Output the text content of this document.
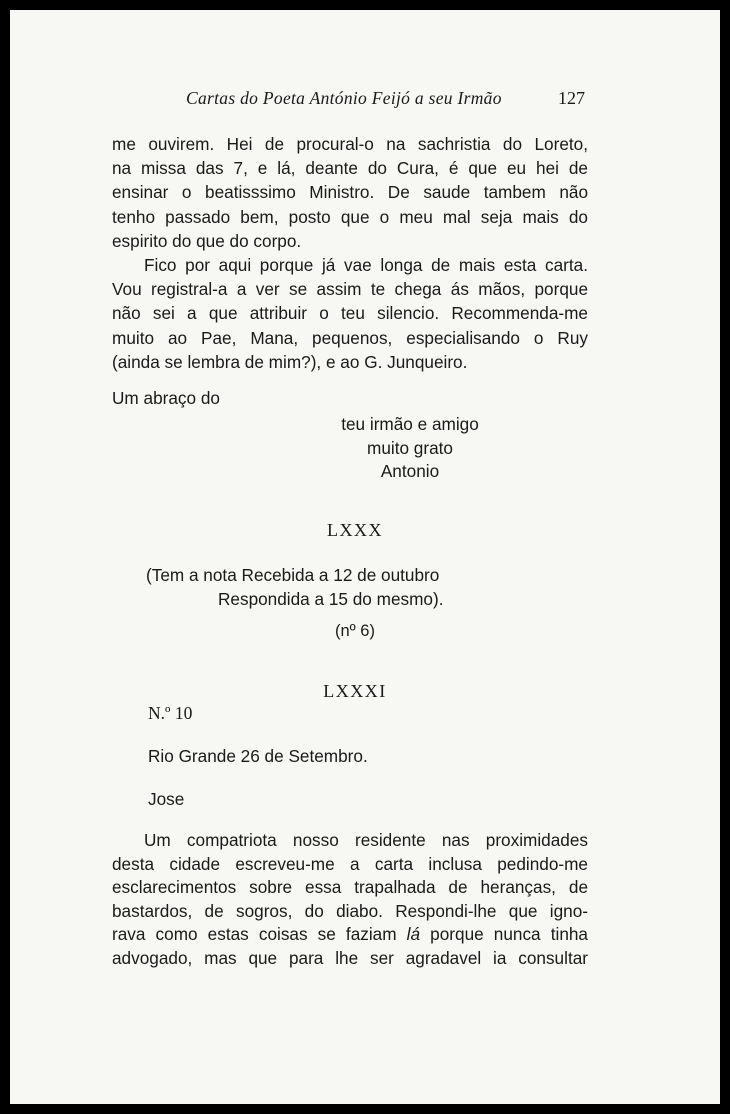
Cartas do Poeta António Feijó a seu Irmão	127

me ouvirem. Hei de procural-o na sachristia do Loreto,

na missa das 7, e lá, deante do Cura, é que eu hei de

ensinar o beatisssimo Ministro. De saude tambem não

tenho passado bem, posto que o meu mal seja mais do

espirito do que do corpo.

Fico por aqui porque já vae longa de mais esta carta.

Vou registral-a a ver se assim te chega ás mãos, porque

não sei a que attribuir o teu silencio. Recommenda-me

muito ao Pae, Mana, pequenos, especialisando o Ruy

(ainda se lembra de mim?), e ao G. Junqueiro.

Um abraço do
teu irmão e amigo
muito grato
Antonio
LXXX
(Tem a nota Recebida a 12 de outubro
Respondida a 15 do mesmo).
(nº 6)
LXXXI
N.º 10
Rio Grande 26 de Setembro.
Jose

Um compatriota nosso residente nas proximidades

desta cidade escreveu-me a carta inclusa pedindo-me

esclarecimentos sobre essa trapalhada de heranças, de

bastardos, de sogros, do diabo. Respondi-lhe que igno-

rava como estas coisas se faziam lá porque nunca tinha

advogado, mas que para lhe ser agradavel ia consultar
